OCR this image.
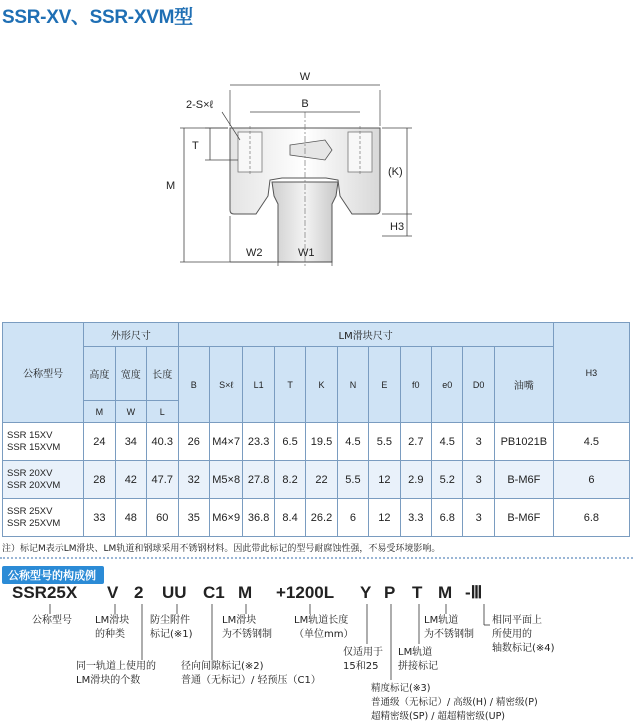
SSR-XV、SSR-XVM型
W
B
2-S×ℓ
T
M
(K)
H3
W2	W1
公称型号	外形尺寸			LM滑块尺寸											H3
	高度	宽度	长度	B	S×ℓ	L1	T	K	N	E	f0	e0	D0	油嘴	
	M	W	L												

SSR 15XV
SSR 15XVM	24	34	40.3	26	M4×7	23.3	6.5	19.5	4.5	5.5	2.7	4.5	3	PB1021B	4.5

SSR 20XV
SSR 20XVM	28	42	47.7	32	M5×8	27.8	8.2	22	5.5	12	2.9	5.2	3	B-M6F	6

SSR 25XV
SSR 25XVM	33	48	60	35	M6×9	36.8	8.4	26.2	6	12	3.3	6.8	3	B-M6F	6.8
注）标记M表示LM滑块、LM轨道和钢球采用不锈钢材料。因此带此标记的型号耐腐蚀性强，不易受环境影响。
公称型号的构成例
SSR25X V 2 UU C1 M +1200L Y P T M -Ⅲ
公称型号 LM滑块
的种类
防尘附件
标记(※1)
LM滑块
为不锈钢制
LM轨道长度
（单位mm）
LM轨道
为不锈钢制
相同平面上
所使用的
轴数标记(※4)
同一轨道上使用的
LM滑块的个数
径向间隙标记(※2)
普通（无标记）/ 轻预压（C1）
仅适用于
15和25
LM轨道
拼接标记
精度标记(※3)
普通级（无标记）/ 高级(H) / 精密级(P)
超精密级(SP) / 超超精密级(UP)
